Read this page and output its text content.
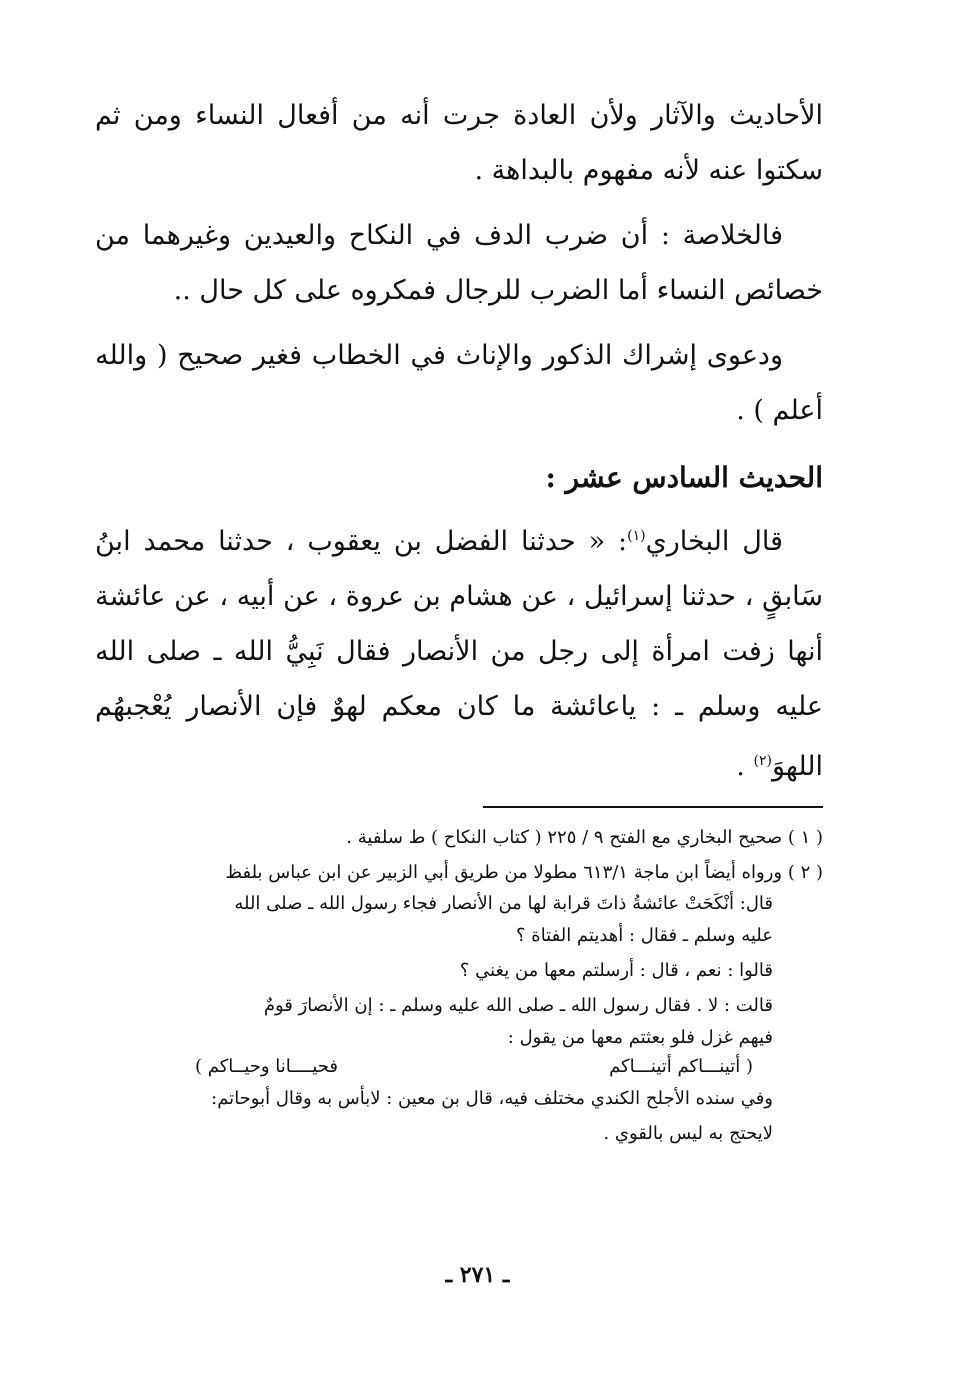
الأحاديث والآثار ولأن العادة جرت أنه من أفعال النساء ومن ثم سكتوا عنه لأنه مفهوم بالبداهة .

فالخلاصة : أن ضرب الدف في النكاح والعيدين وغيرهما من خصائص النساء أما الضرب للرجال فمكروه على كل حال ..

ودعوى إشراك الذكور والإناث في الخطاب فغير صحيح ( والله أعلم ) .

الحديث السادس عشر :

قال البخاري$^{(١)}$: « حدثنا الفضل بن يعقوب ، حدثنا محمد ابنُ سَابقٍ ، حدثنا إسرائيل ، عن هشام بن عروة ، عن أبيه ، عن عائشة أنها زفت امرأة إلى رجل من الأنصار فقال نَبِيُّ الله ـ صلى الله عليه وسلم ـ : ياعائشة ما كان معكم لهوٌ فإن الأنصار يُعْجبهُم اللهوَ$^{(٢)}$ .

( ١ ) صحيح البخاري مع الفتح ٩ / ٢٢٥ ( كتاب النكاح ) ط سلفية .

( ٢ ) ورواه أيضاً ابن ماجة ٦١٣/١ مطولا من طريق أبي الزبير عن ابن عباس بلفظ

قال: أنْكَحَتْ عائشةُ ذاتَ قرابة لها من الأنصار فجاء رسول الله ـ صلى الله

عليه وسلم ـ فقال : أهديتم الفتاة ؟

قالوا : نعم ، قال : أرسلتم معها من يغني ؟

قالت : لا . فقال رسول الله ـ صلى الله عليه وسلم ـ : إن الأنصارَ قومٌ

فيهم غزل فلو بعثتم معها من يقول :

( أتينـــاكم أتينـــاكم
فحيــــانا وحيــاكم )

وفي سنده الأجلح الكندي مختلف فيه، قال بن معين : لابأس به وقال أبوحاتم:

لايحتج به ليس بالقوي .

ـ ٢٧١ ـ
